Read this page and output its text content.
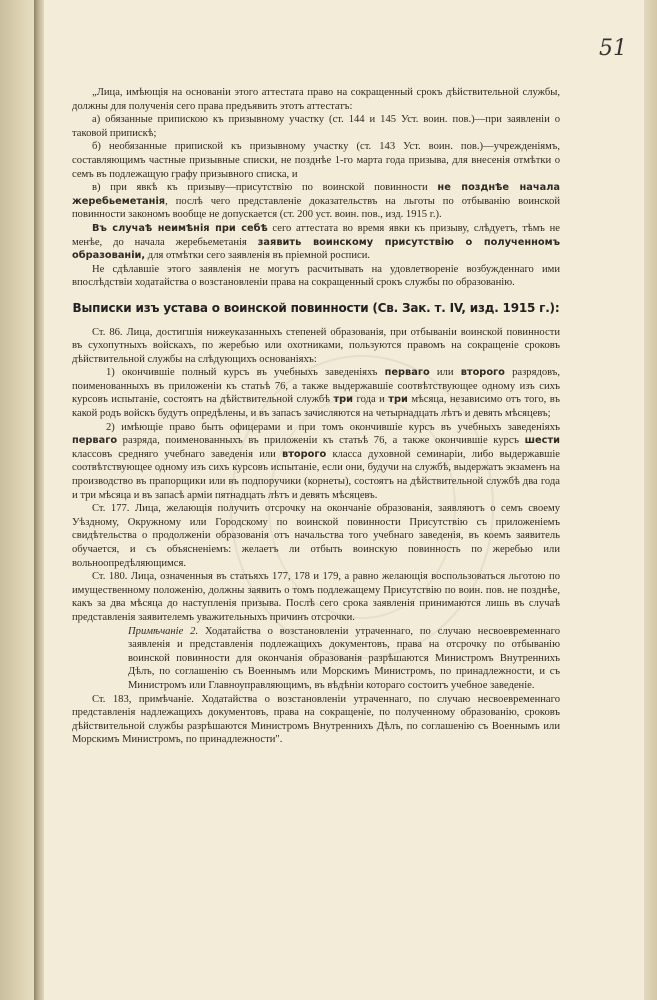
51

„Лица, имѣющія на основаніи этого аттестата право на сокращенный срокъ дѣйствительной службы, должны для полученія сего права предъявить этотъ аттестатъ:

а) обязанные припискою къ призывному участку (ст. 144 и 145 Уст. воин. пов.)—при заявленіи о таковой припискѣ;

б) необязанные припиской къ призывному участку (ст. 143 Уст. воин. пов.)—учрежденіямъ, составляющимъ частные призывные списки, не позднѣе 1-го марта года призыва, для внесенія отмѣтки о семъ въ подлежащую графу призывного списка, и

в) при явкѣ къ призыву—присутствію по воинской повинности не позднѣе начала жеребьеметанія, послѣ чего представленіе доказательствъ на льготы по отбыванію воинской повинности закономъ вообще не допускается (ст. 200 уст. воин. пов., изд. 1915 г.).

Въ случаѣ неимѣнія при себѣ сего аттестата во время явки къ призыву, слѣдуетъ, тѣмъ не менѣе, до начала жеребьеметанія заявить воинскому присутствію о полученномъ образованіи, для отмѣтки сего заявленія въ пріемной росписи.

Не сдѣлавшіе этого заявленія не могутъ расчитывать на удовлетвореніе возбужденнаго ими впослѣдствіи ходатайства о возстановленіи права на сокращенный срокъ службы по образованію.

Выписки изъ устава о воинской повинности (Св. Зак. т. IV, изд. 1915 г.):

Ст. 86. Лица, достигшія нижеуказанныхъ степеней образованія, при отбываніи воинской повинности въ сухопутныхъ войскахъ, по жеребью или охотниками, пользуются правомъ на сокращеніе сроковъ дѣйствительной службы на слѣдующихъ основаніяхъ:

1) окончившіе полный курсъ въ учебныхъ заведеніяхъ перваго или второго разрядовъ, поименованныхъ въ приложеніи къ статьѣ 76, а также выдержавшіе соотвѣтствующее одному изъ сихъ курсовъ испытаніе, состоятъ на дѣйствительной службѣ три года и три мѣсяца, независимо отъ того, въ какой родъ войскъ будутъ опредѣлены, и въ запасъ зачисляются на четырнадцать лѣтъ и девять мѣсяцевъ;

2) имѣющіе право быть офицерами и при томъ окончившіе курсъ въ учебныхъ заведеніяхъ перваго разряда, поименованныхъ въ приложеніи къ статьѣ 76, а также окончившіе курсъ шести классовъ средняго учебнаго заведенія или второго класса духовной семинаріи, либо выдержавшіе соотвѣтствующее одному изъ сихъ курсовъ испытаніе, если они, будучи на службѣ, выдержатъ экзаменъ на производство въ прапорщики или въ подпоручики (корнеты), состоятъ на дѣйствительной службѣ два года и три мѣсяца и въ запасѣ арміи пятнадцать лѣтъ и девять мѣсяцевъ.

Ст. 177. Лица, желающія получить отсрочку на окончаніе образованія, заявляютъ о семъ своему Уѣздному, Окружному или Городскому по воинской повинности Присутствію съ приложеніемъ свидѣтельства о продолженіи образованія отъ начальства того учебнаго заведенія, въ коемъ заявитель обучается, и съ объясненіемъ: желаетъ ли отбыть воинскую повинность по жеребью или вольноопредѣляющимся.

Ст. 180. Лица, означенныя въ статьяхъ 177, 178 и 179, а равно желающія воспользоваться льготою по имущественному положенію, должны заявить о томъ подлежащему Присутствію по воин. пов. не позднѣе, какъ за два мѣсяца до наступленія призыва. Послѣ сего срока заявленія принимаются лишь въ случаѣ представленія заявителемъ уважительныхъ причинъ отсрочки.

Примѣчаніе 2. Ходатайства о возстановленіи утраченнаго, по случаю несвоевременнаго заявленія и представленія подлежащихъ документовъ, права на отсрочку по отбыванію воинской повинности для окончанія образованія разрѣшаются Министромъ Внутреннихъ Дѣлъ, по соглашенію съ Военнымъ или Морскимъ Министромъ, по принадлежности, и съ Министромъ или Главноуправляющимъ, въ вѣдѣніи котораго состоитъ учебное заведеніе.

Ст. 183, примѣчаніе. Ходатайства о возстановленіи утраченнаго, по случаю несвоевременнаго представленія надлежащихъ документовъ, права на сокращеніе, по полученному образованію, сроковъ дѣйствительной службы разрѣшаются Министромъ Внутреннихъ Дѣлъ, по соглашенію съ Военнымъ или Морскимъ Министромъ, по принадлежности".
